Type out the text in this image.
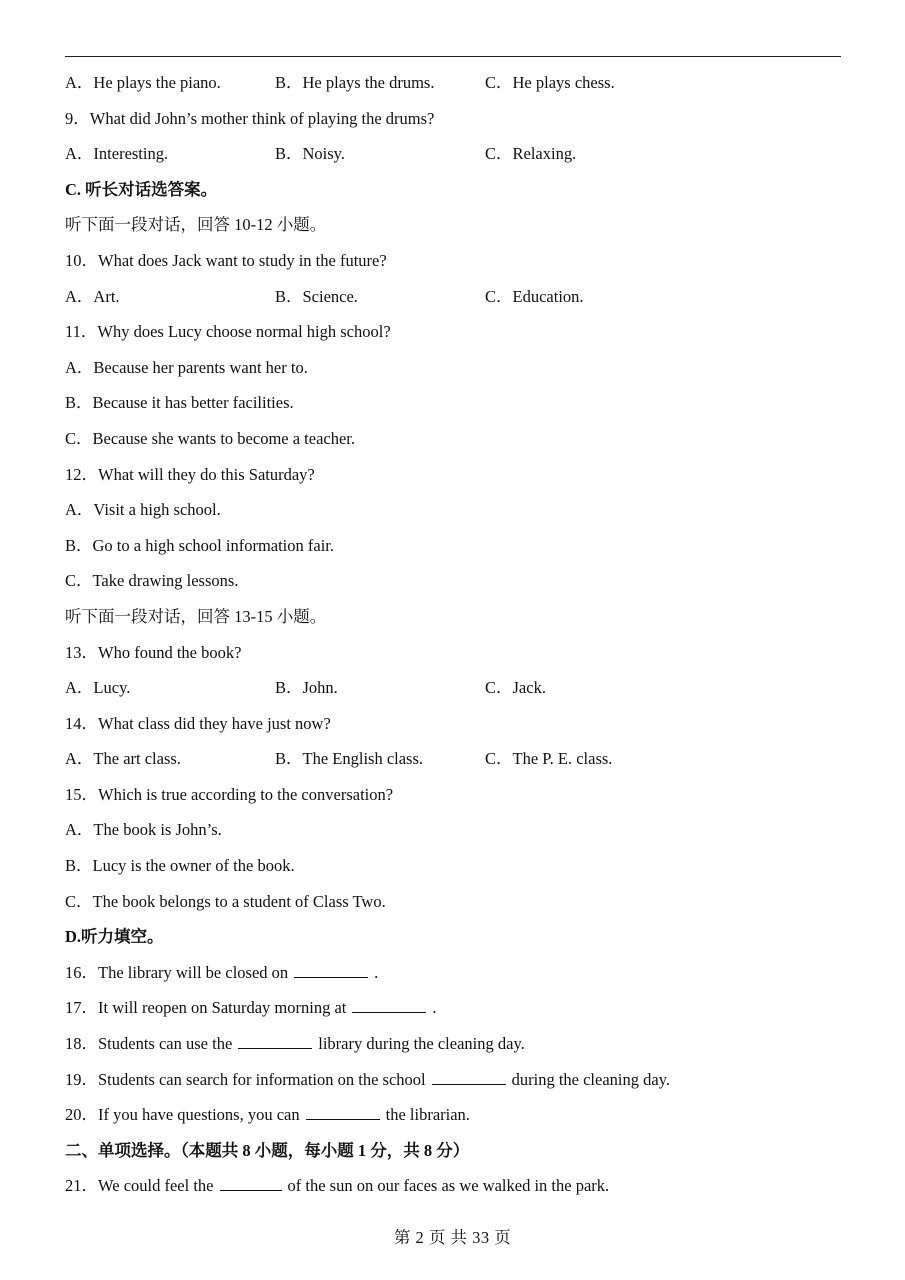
A．He plays the piano.

	B．He plays the drums.

	C．He plays chess.

9．What did John’s mother think of playing the drums?

A．Interesting.

	B．Noisy.

	C．Relaxing.

C. 听长对话选答案。
听下面一段对话，回答 10-12 小题。
10．What does Jack want to study in the future?

A．Art.

	B．Science.

	C．Education.

11．Why does Lucy choose normal high school?
A．Because her parents want her to.
B．Because it has better facilities.
C．Because she wants to become a teacher.
12．What will they do this Saturday?
A．Visit a high school.
B．Go to a high school information fair.
C．Take drawing lessons.
听下面一段对话，回答 13-15 小题。
13．Who found the book?

A．Lucy.

	B．John.

	C．Jack.

14．What class did they have just now?

A．The art class.

	B．The English class.

	C．The P. E. class.

15．Which is true according to the conversation?
A．The book is John’s.
B．Lucy is the owner of the book.
C．The book belongs to a student of Class Two.
D.听力填空。
16．The library will be closed on	.
17．It will reopen on Saturday morning at	.
18．Students can use the	library during the cleaning day.
19．Students can search for information on the school	during the cleaning day.
20．If you have questions, you can	the librarian.
二、单项选择。（本题共 8 小题，每小题 1 分，共 8 分）
21．We could feel the	of the sun on our faces as we walked in the park.
第 2 页 共 33 页
